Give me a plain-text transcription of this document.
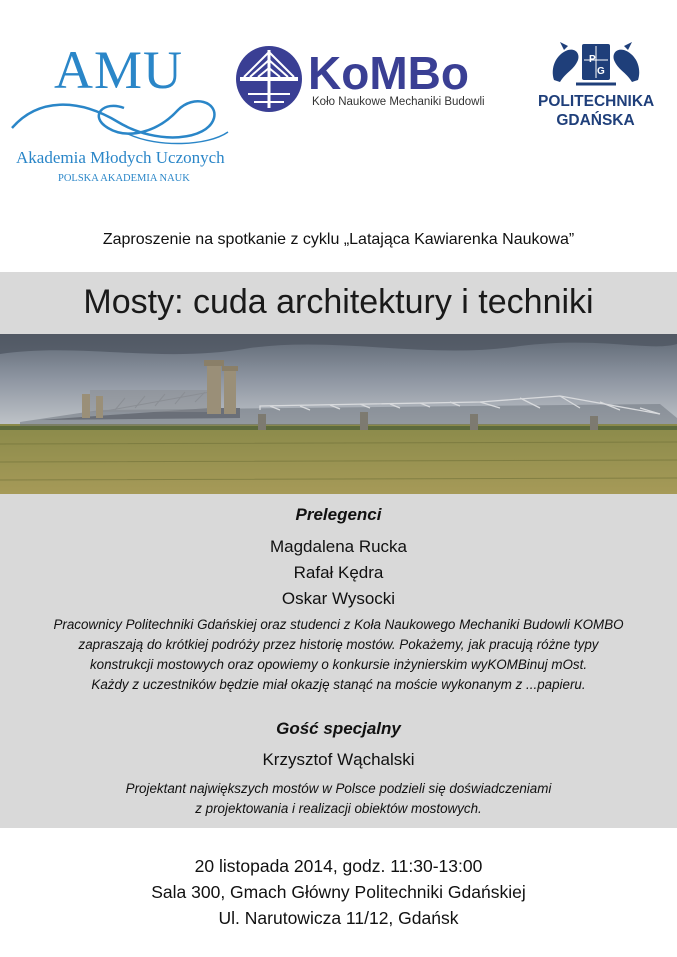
AMU
Akademia Młodych Uczonych
POLSKA AKADEMIA NAUK
KoMBo
Koło Naukowe Mechaniki Budowli
G
POLITECHNIKA
GDAŃSKA
Zaproszenie na spotkanie z cyklu „Latająca Kawiarenka Naukowa”
Mosty: cuda architektury i techniki
Prelegenci
Magdalena Rucka
Rafał Kędra
Oskar Wysocki
Pracownicy Politechniki Gdańskiej oraz studenci z Koła Naukowego Mechaniki Budowli KOMBO
zapraszają do krótkiej podróży przez historię mostów. Pokażemy, jak pracują różne typy
konstrukcji mostowych oraz opowiemy o konkursie inżynierskim wyKOMBinuj mOst.
Każdy z uczestników będzie miał okazję stanąć na moście wykonanym z ...papieru.
Gość specjalny
Krzysztof Wąchalski
Projektant największych mostów w Polsce podzieli się doświadczeniami
z projektowania i realizacji obiektów mostowych.
20 listopada 2014, godz. 11:30-13:00
Sala 300, Gmach Główny Politechniki Gdańskiej
Ul. Narutowicza 11/12, Gdańsk
